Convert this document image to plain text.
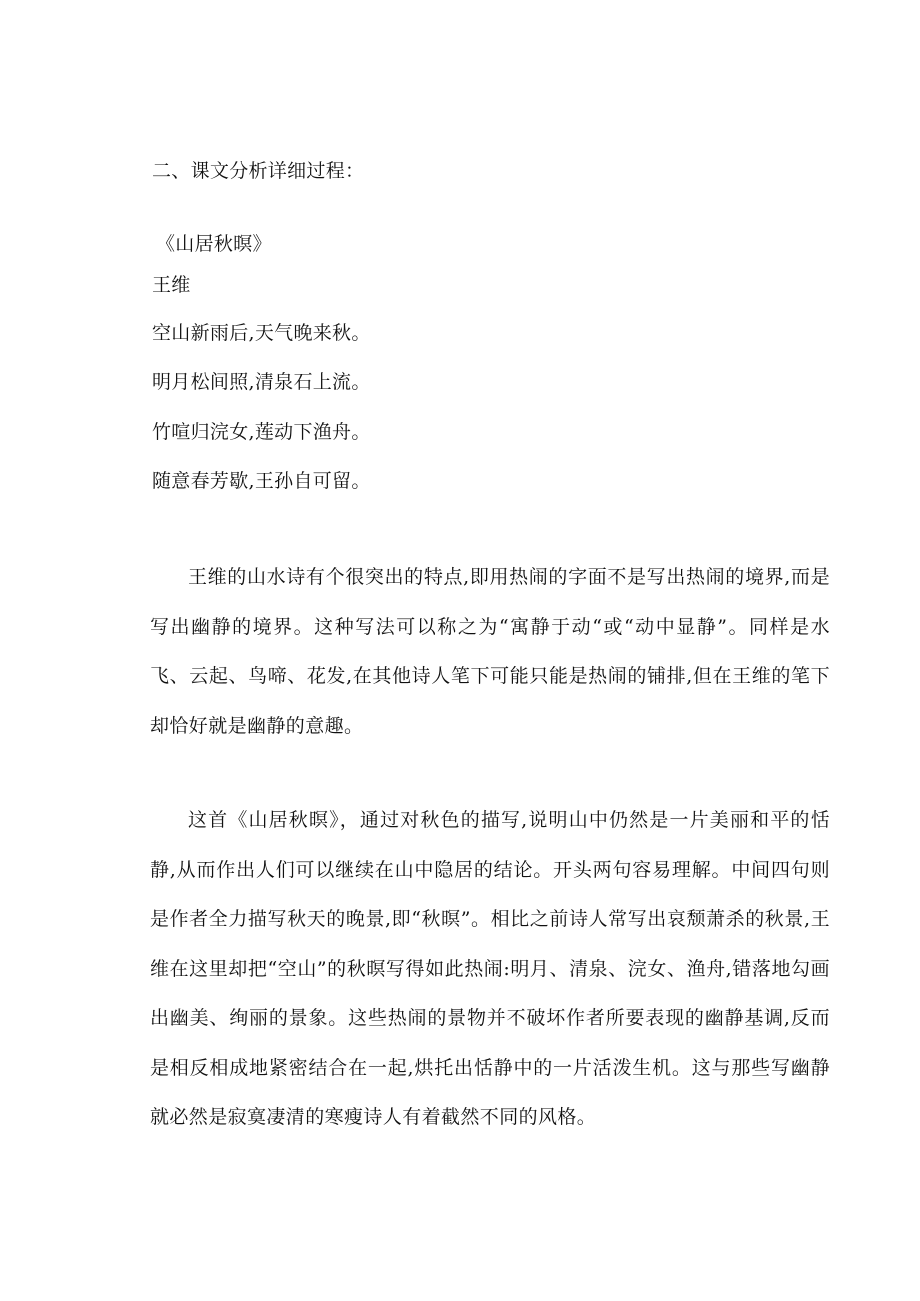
二、课文分析详细过程：
《山居秋暝》
王维
空山新雨后,天气晚来秋。
明月松间照,清泉石上流。
竹喧归浣女,莲动下渔舟。
随意春芳歇,王孙自可留。

王维的山水诗有个很突出的特点,即用热闹的字面不是写出热闹的境界,而是写出幽静的境界。这种写法可以称之为“寓静于动“或“动中显静”。同样是水飞、云起、鸟啼、花发,在其他诗人笔下可能只能是热闹的铺排,但在王维的笔下却恰好就是幽静的意趣。

这首《山居秋暝》，通过对秋色的描写,说明山中仍然是一片美丽和平的恬静,从而作出人们可以继续在山中隐居的结论。开头两句容易理解。中间四句则是作者全力描写秋天的晚景,即“秋暝”。相比之前诗人常写出哀颓萧杀的秋景,王维在这里却把“空山”的秋暝写得如此热闹:明月、清泉、浣女、渔舟,错落地勾画出幽美、绚丽的景象。这些热闹的景物并不破坏作者所要表现的幽静基调,反而是相反相成地紧密结合在一起,烘托出恬静中的一片活泼生机。这与那些写幽静就必然是寂寞凄清的寒瘦诗人有着截然不同的风格。
